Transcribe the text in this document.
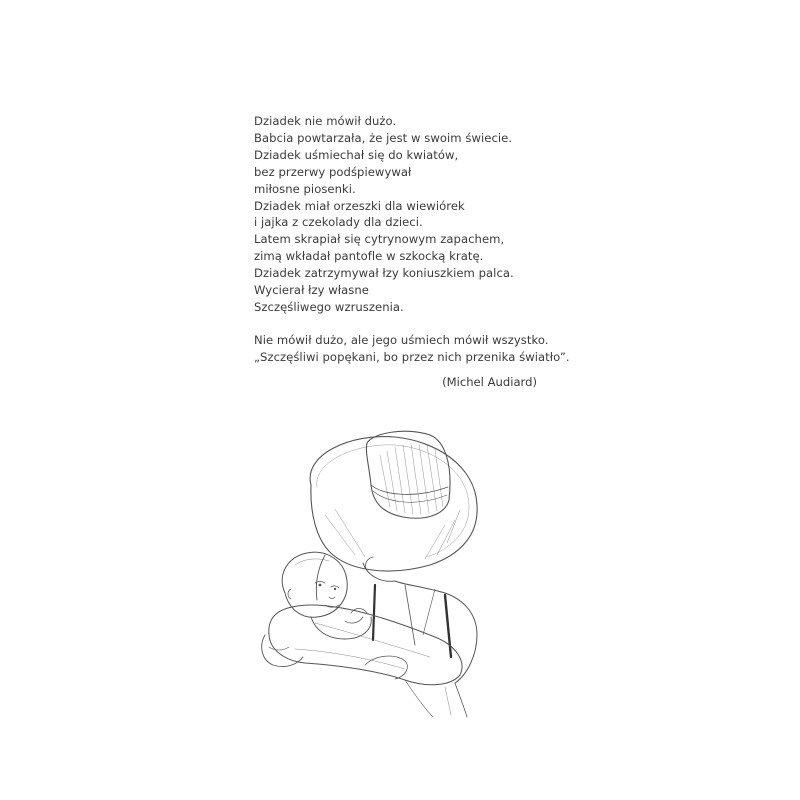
Dziadek nie mówił dużo.
Babcia powtarzała, że jest w swoim świecie.
Dziadek uśmiechał się do kwiatów,
bez przerwy podśpiewywał
miłosne piosenki.
Dziadek miał orzeszki dla wiewiórek
i jajka z czekolady dla dzieci.
Latem skrapiał się cytrynowym zapachem,
zimą wkładał pantofle w szkocką kratę.
Dziadek zatrzymywał łzy koniuszkiem palca.
Wycierał łzy własne
Szczęśliwego wzruszenia.
Nie mówił dużo, ale jego uśmiech mówił wszystko.
„Szczęśliwi popękani, bo przez nich przenika światło”.
(Michel Audiard)
